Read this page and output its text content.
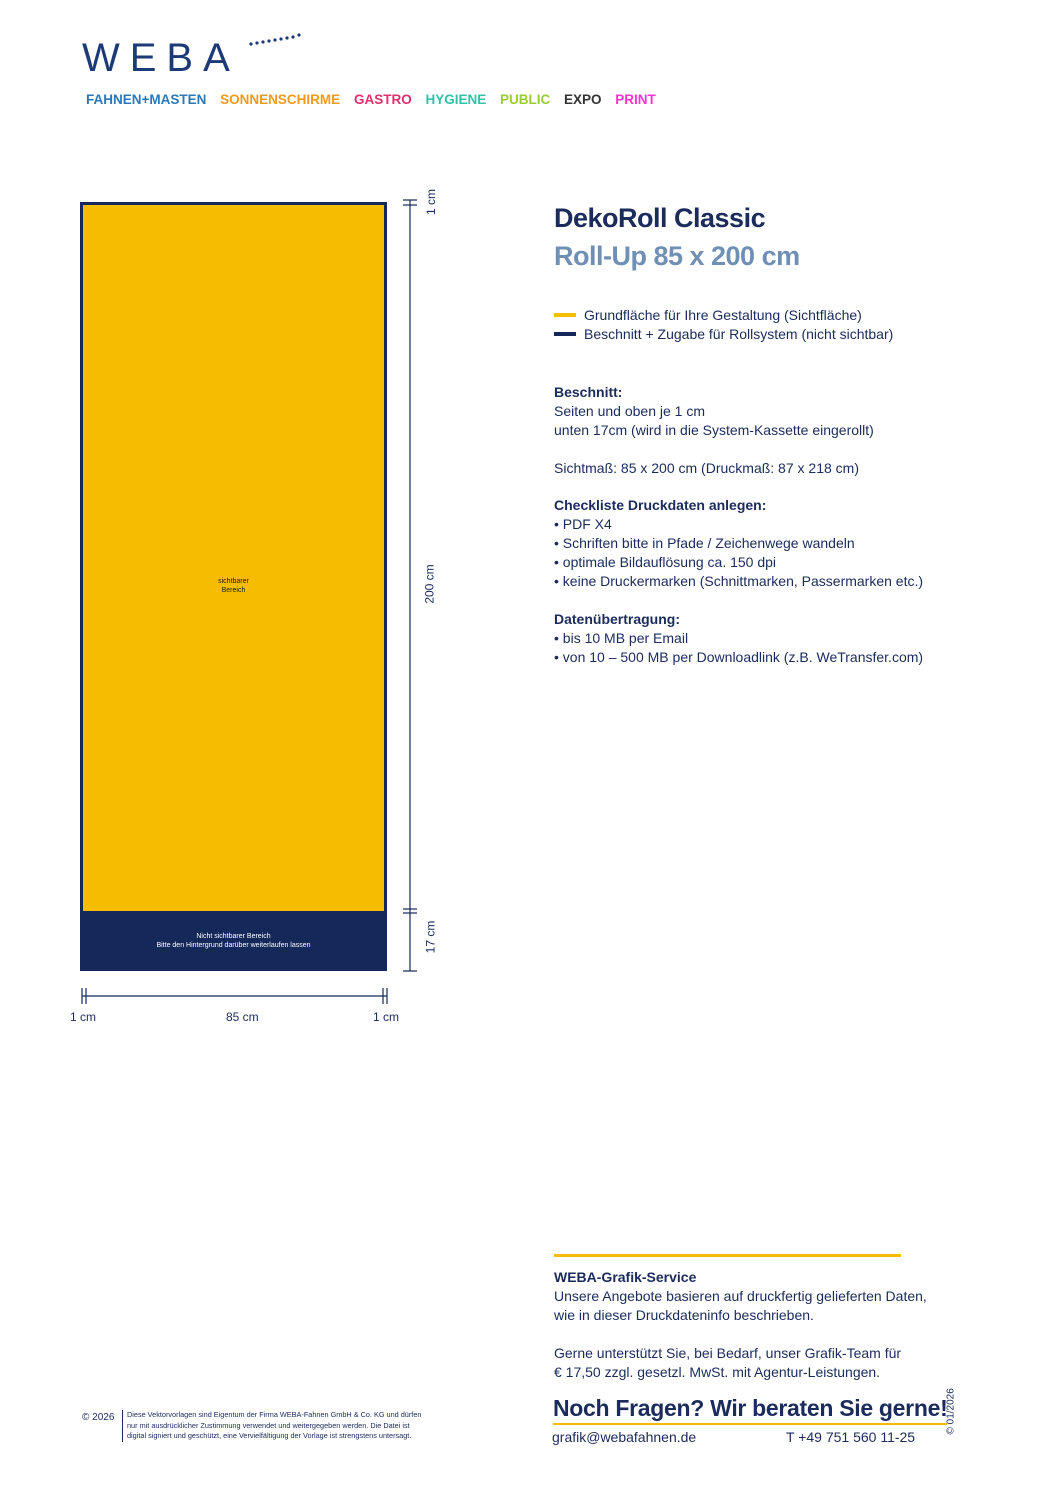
WEBA
FAHNEN+MASTEN SONNENSCHIRME GASTRO HYGIENE PUBLIC EXPO PRINT
sichtbarer
Bereich
Nicht sichtbarer Bereich
Bitte den Hintergrund darüber weiterlaufen lassen
1 cm
200 cm
17 cm
1 cm	85 cm	1 cm
DekoRoll Classic
Roll-Up 85 x 200 cm
Grundfläche für Ihre Gestaltung (Sichtfläche)
Beschnitt + Zugabe für Rollsystem (nicht sichtbar)
Beschnitt:
Seiten und oben je 1 cm
unten 17cm (wird in die System-Kassette eingerollt)
Sichtmaß: 85 x 200 cm (Druckmaß: 87 x 218 cm)
Checkliste Druckdaten anlegen:
• PDF X4
• Schriften bitte in Pfade / Zeichenwege wandeln
• optimale Bildauflösung ca. 150 dpi
• keine Druckermarken (Schnittmarken, Passermarken etc.)
Datenübertragung:
• bis 10 MB per Email
• von 10 – 500 MB per Downloadlink (z.B. WeTransfer.com)
WEBA-Grafik-Service
Unsere Angebote basieren auf druckfertig gelieferten Daten,
wie in dieser Druckdateninfo beschrieben.
Gerne unterstützt Sie, bei Bedarf, unser Grafik-Team für
€ 17,50 zzgl. gesetzl. MwSt. mit Agentur-Leistungen.
Noch Fragen? Wir beraten Sie gerne!
grafik@webafahnen.de	T +49 751 560 11-25
© 2026 Diese Vektorvorlagen sind Eigentum der Firma WEBA-Fahnen GmbH & Co. KG und dürfen
nur mit ausdrücklicher Zustimmung verwendet und weitergegeben werden. Die Datei ist
digital signiert und geschützt, eine Vervielfältigung der Vorlage ist strengstens untersagt.
© 01/2026
